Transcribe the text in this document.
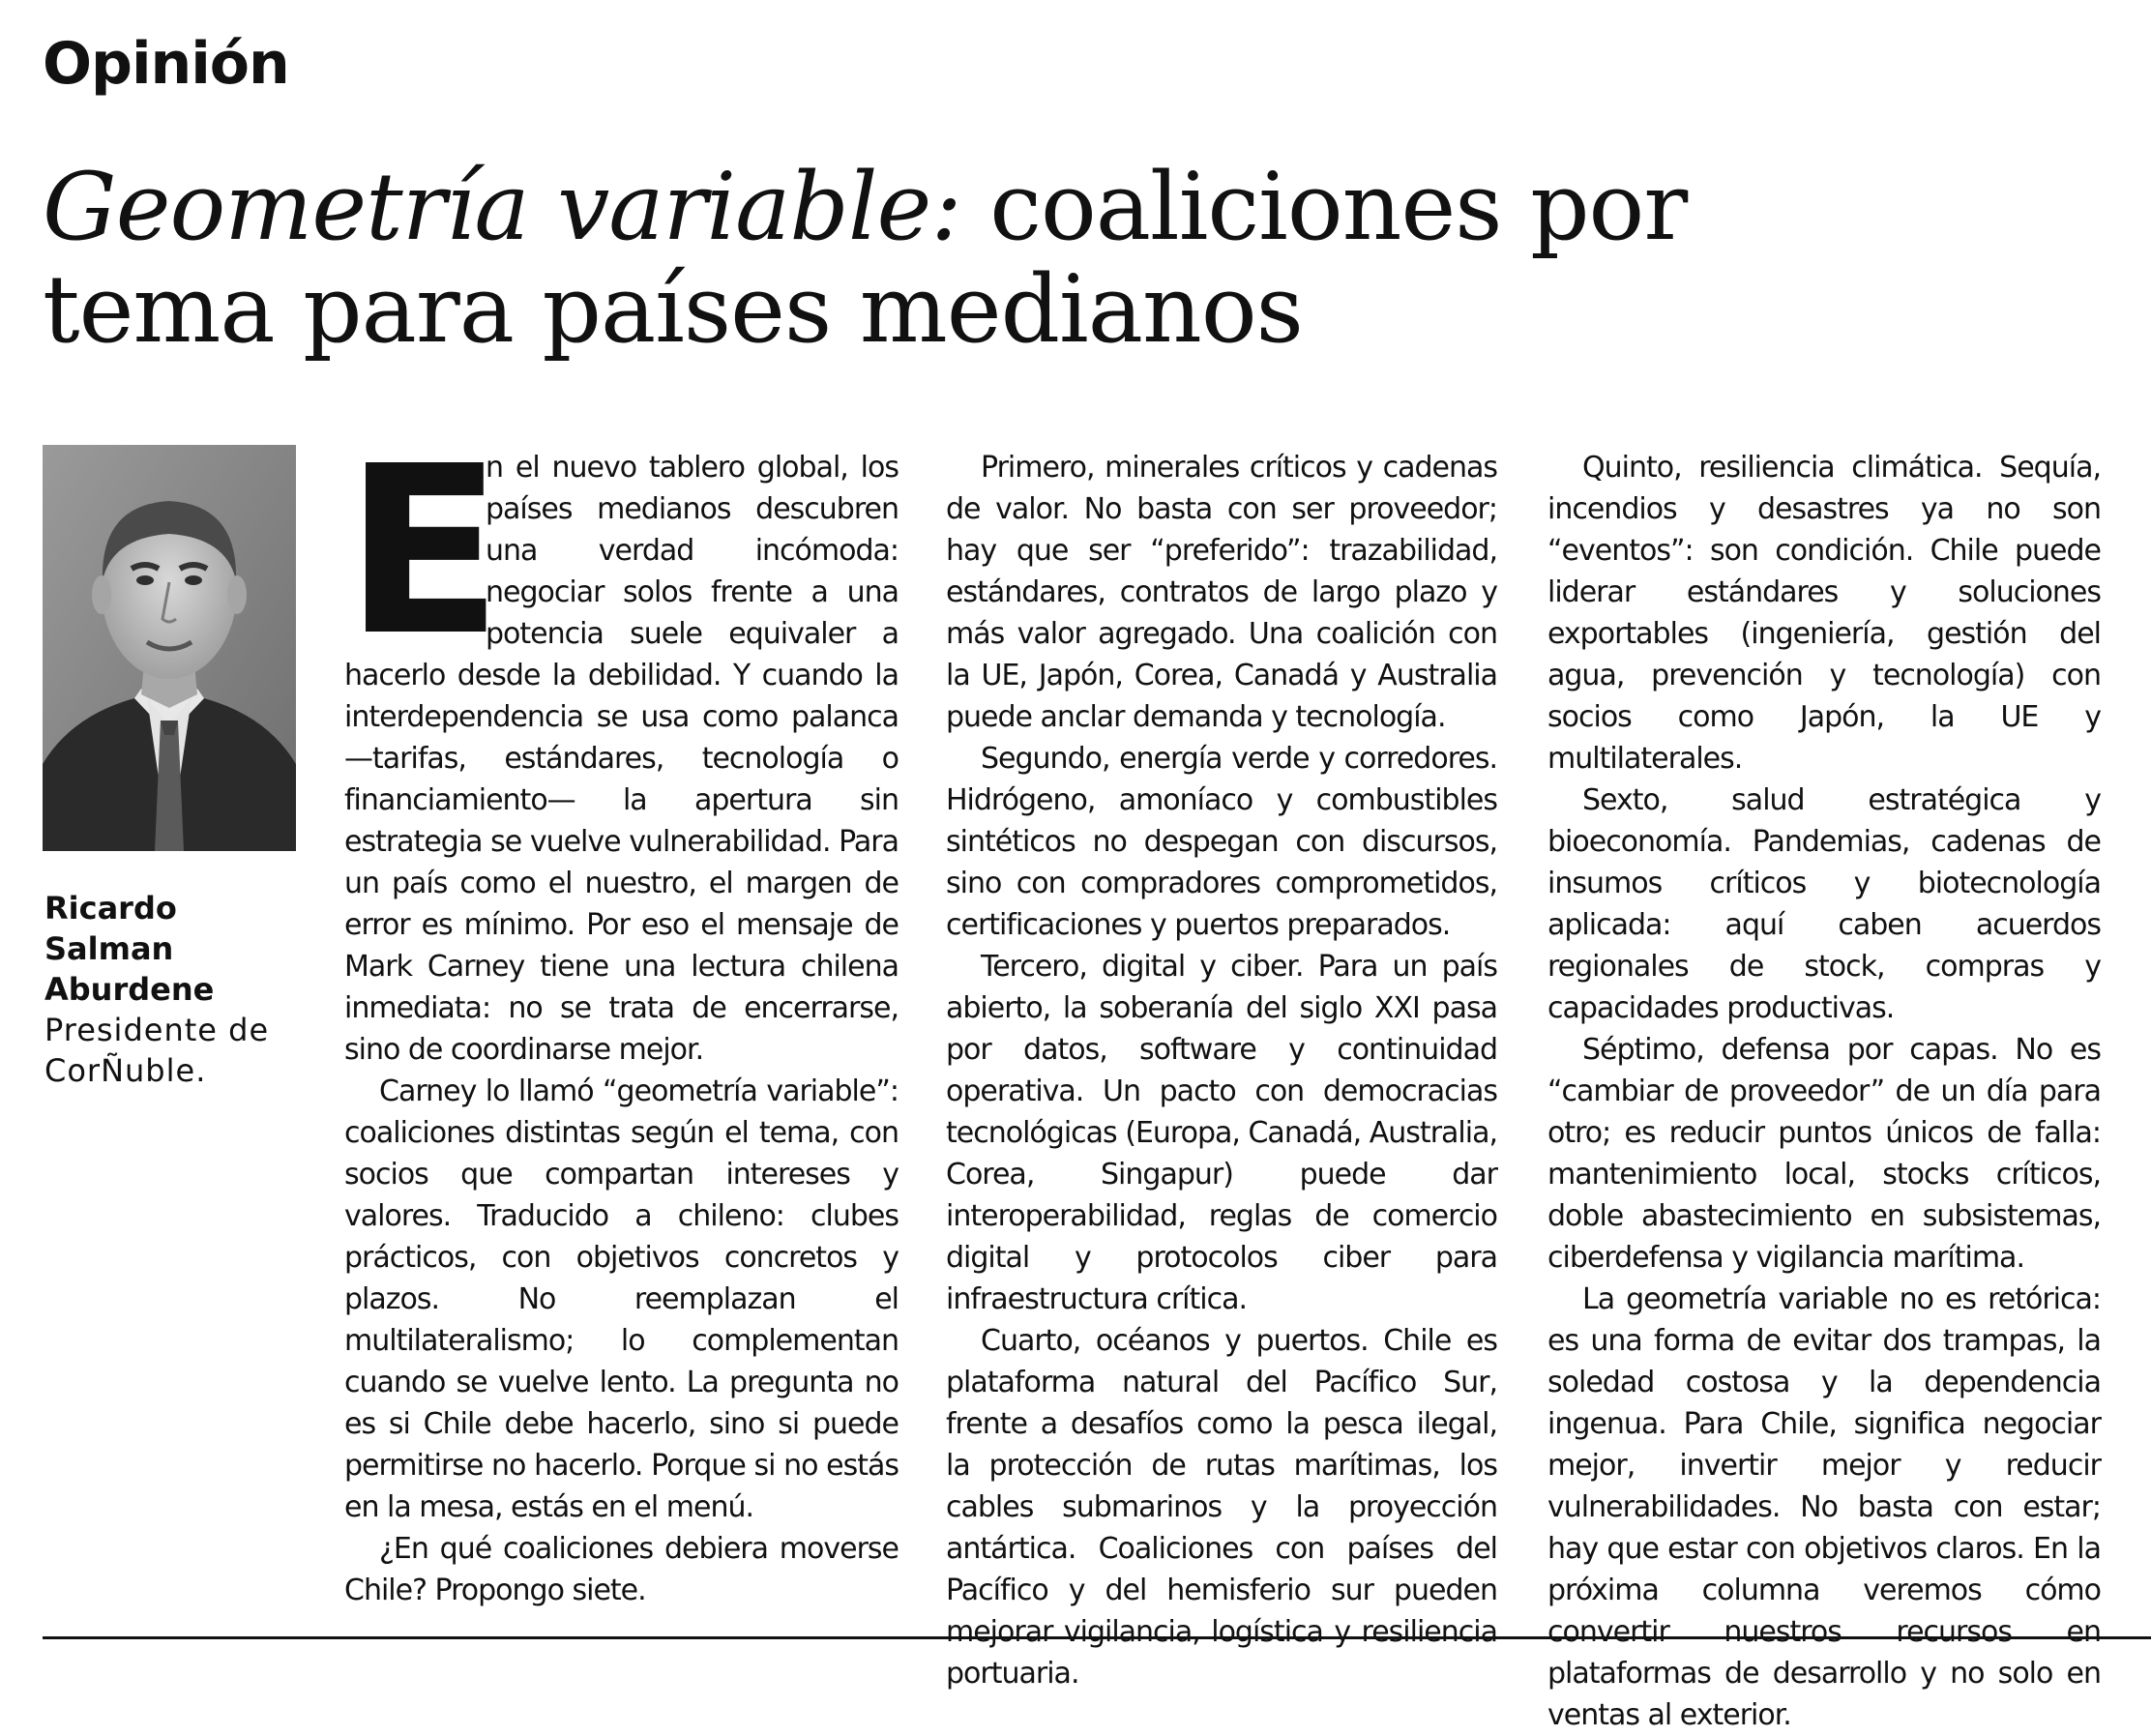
Opinión
Geometría variable: coaliciones por tema para países medianos

Ricardo Salman Aburdene

Presidente de CorÑuble.

E

n el nuevo tablero global, los países medianos descubren una verdad incómoda: negociar solos frente a una potencia suele equivaler a hacerlo desde la debilidad. Y cuando la interdependencia se usa como palanca —tarifas, estándares, tecnología o financiamiento— la apertura sin estrategia se vuelve vulnerabilidad. Para un país como el nuestro, el margen de error es mínimo. Por eso el mensaje de Mark Carney tiene una lectura chilena inmediata: no se trata de encerrarse, sino de coordinarse mejor.

Carney lo llamó “geometría variable”: coaliciones distintas según el tema, con socios que compartan intereses y valores. Traducido a chileno: clubes prácticos, con objetivos concretos y plazos. No reemplazan el multilateralismo; lo complementan cuando se vuelve lento. La pregunta no es si Chile debe hacerlo, sino si puede permitirse no hacerlo. Porque si no estás en la mesa, estás en el menú.

¿En qué coaliciones debiera moverse Chile? Propongo siete.

Primero, minerales críticos y cadenas de valor. No basta con ser proveedor; hay que ser “preferido”: trazabilidad, estándares, contratos de largo plazo y más valor agregado. Una coalición con la UE, Japón, Corea, Canadá y Australia puede anclar demanda y tecnología.

Segundo, energía verde y corredores. Hidrógeno, amoníaco y combustibles sintéticos no despegan con discursos, sino con compradores comprometidos, certificaciones y puertos preparados.

Tercero, digital y ciber. Para un país abierto, la soberanía del siglo XXI pasa por datos, software y continuidad operativa. Un pacto con democracias tecnológicas (Europa, Canadá, Australia, Corea, Singapur) puede dar interoperabilidad, reglas de comercio digital y protocolos ciber para infraestructura crítica.

Cuarto, océanos y puertos. Chile es plataforma natural del Pacífico Sur, frente a desafíos como la pesca ilegal, la protección de rutas marítimas, los cables submarinos y la proyección antártica. Coaliciones con países del Pacífico y del hemisferio sur pueden mejorar vigilancia, logística y resiliencia portuaria.

Quinto, resiliencia climática. Sequía, incendios y desastres ya no son “eventos”: son condición. Chile puede liderar estándares y soluciones exportables (ingeniería, gestión del agua, prevención y tecnología) con socios como Japón, la UE y multilaterales.

Sexto, salud estratégica y bioeconomía. Pandemias, cadenas de insumos críticos y biotecnología aplicada: aquí caben acuerdos regionales de stock, compras y capacidades productivas.

Séptimo, defensa por capas. No es “cambiar de proveedor” de un día para otro; es reducir puntos únicos de falla: mantenimiento local, stocks críticos, doble abastecimiento en subsistemas, ciberdefensa y vigilancia marítima.

La geometría variable no es retórica: es una forma de evitar dos trampas, la soledad costosa y la dependencia ingenua. Para Chile, significa negociar mejor, invertir mejor y reducir vulnerabilidades. No basta con estar; hay que estar con objetivos claros. En la próxima columna veremos cómo convertir nuestros recursos en plataformas de desarrollo y no solo en ventas al exterior.
